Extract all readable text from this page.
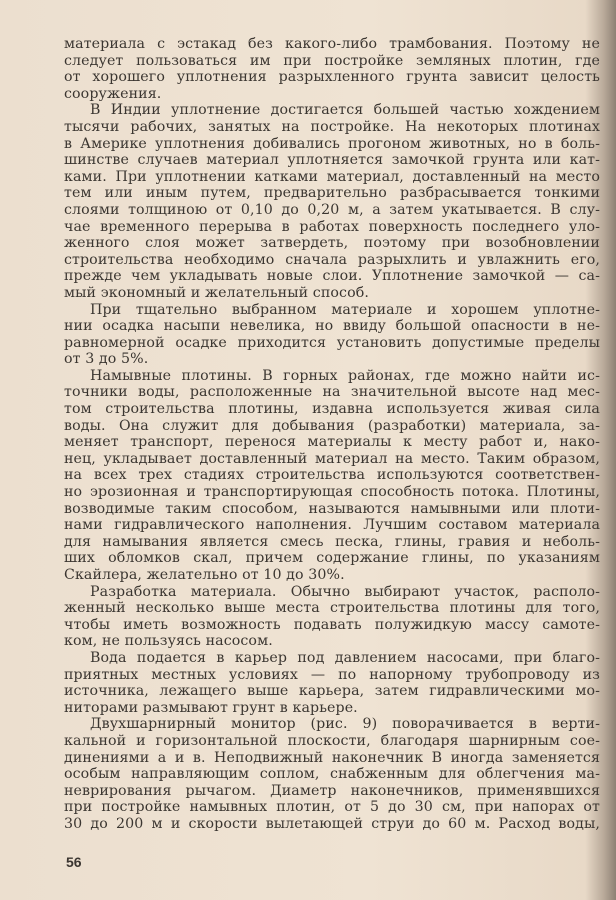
материала с эстакад без какого-либо трамбования. Поэтому не
следует пользоваться им при постройке земляных плотин, где
от хорошего уплотнения разрыхленного грунта зависит целость
сооружения.
В Индии уплотнение достигается большей частью хождением
тысячи рабочих, занятых на постройке. На некоторых плотинах
в Америке уплотнения добивались прогоном животных, но в боль-
шинстве случаев материал уплотняется замочкой грунта или кат-
ками. При уплотнении катками материал, доставленный на место
тем или иным путем, предварительно разбрасывается тонкими
слоями толщиною от 0,10 до 0,20 м, а затем укатывается. В слу-
чае временного перерыва в работах поверхность последнего уло-
женного слоя может затвердеть, поэтому при возобновлении
строительства необходимо сначала разрыхлить и увлажнить его,
прежде чем укладывать новые слои. Уплотнение замочкой — са-
мый экономный и желательный способ.
При тщательно выбранном материале и хорошем уплотне-
нии осадка насыпи невелика, но ввиду большой опасности в не-
равномерной осадке приходится установить допустимые пределы
от 3 до 5%.
Намывные плотины. В горных районах, где можно найти ис-
точники воды, расположенные на значительной высоте над мес-
том строительства плотины, издавна используется живая сила
воды. Она служит для добывания (разработки) материала, за-
меняет транспорт, перенося материалы к месту работ и, нако-
нец, укладывает доставленный материал на место. Таким образом,
на всех трех стадиях строительства используются соответствен-
но эрозионная и транспортирующая способность потока. Плотины,
возводимые таким способом, называются намывными или плоти-
нами гидравлического наполнения. Лучшим составом материала
для намывания является смесь песка, глины, гравия и неболь-
ших обломков скал, причем содержание глины, по указаниям
Скайлера, желательно от 10 до 30%.
Разработка материала. Обычно выбирают участок, располо-
женный несколько выше места строительства плотины для того,
чтобы иметь возможность подавать полужидкую массу самоте-
ком, не пользуясь насосом.
Вода подается в карьер под давлением насосами, при благо-
приятных местных условиях — по напорному трубопроводу из
источника, лежащего выше карьера, затем гидравлическими мо-
ниторами размывают грунт в карьере.
Двухшарнирный монитор (рис. 9) поворачивается в верти-
кальной и горизонтальной плоскости, благодаря шарнирным сое-
динениями а и в. Неподвижный наконечник В иногда заменяется
особым направляющим соплом, снабженным для облегчения ма-
неврирования рычагом. Диаметр наконечников, применявшихся
при постройке намывных плотин, от 5 до 30 см, при напорах от
30 до 200 м и скорости вылетающей струи до 60 м. Расход воды,
56
